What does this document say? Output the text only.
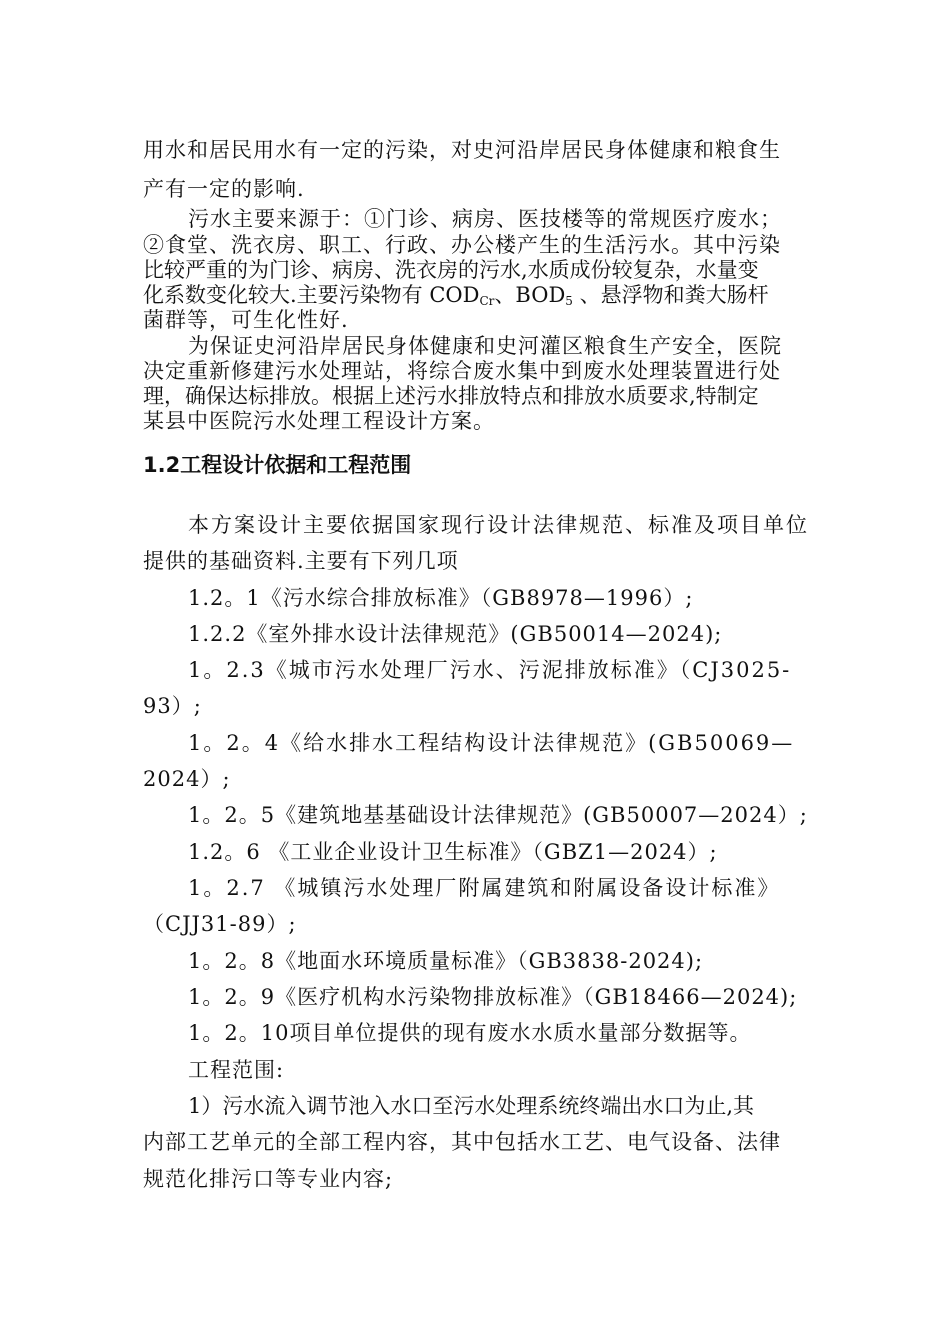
用水和居民用水有一定的污染，对史河沿岸居民身体健康和粮食生
产有一定的影响.
污水主要来源于：①门诊、病房、医技楼等的常规医疗废水；
②食堂、洗衣房、职工、行政、办公楼产生的生活污水。其中污染
比较严重的为门诊、病房、洗衣房的污水,水质成份较复杂，水量变
化系数变化较大.主要污染物有 $COD_{Cr}$、$BOD_5$ 、悬浮物和粪大肠杆
菌群等，可生化性好.
为保证史河沿岸居民身体健康和史河灌区粮食生产安全，医院
决定重新修建污水处理站，将综合废水集中到废水处理装置进行处
理，确保达标排放。根据上述污水排放特点和排放水质要求,特制定
某县中医院污水处理工程设计方案。
1.2工程设计依据和工程范围
本方案设计主要依据国家现行设计法律规范、标准及项目单位
提供的基础资料.主要有下列几项
1.2。1《污水综合排放标准》（GB8978—1996）;
1.2.2《室外排水设计法律规范》(GB50014—2024);
1。2.3《城市污水处理厂污水、污泥排放标准》（CJ3025-
93）;
1。2。4《给水排水工程结构设计法律规范》(GB50069—
2024）;
1。2。5《建筑地基基础设计法律规范》(GB50007—2024）;
1.2。6 《工业企业设计卫生标准》（GBZ1—2024）;
1。2.7 《城镇污水处理厂附属建筑和附属设备设计标准》
（CJJ31-89）;
1。2。8《地面水环境质量标准》（GB3838-2024);
1。2。9《医疗机构水污染物排放标准》（GB18466—2024);
1。2。10项目单位提供的现有废水水质水量部分数据等。
工程范围:
1）污水流入调节池入水口至污水处理系统终端出水口为止,其
内部工艺单元的全部工程内容，其中包括水工艺、电气设备、法律
规范化排污口等专业内容;
